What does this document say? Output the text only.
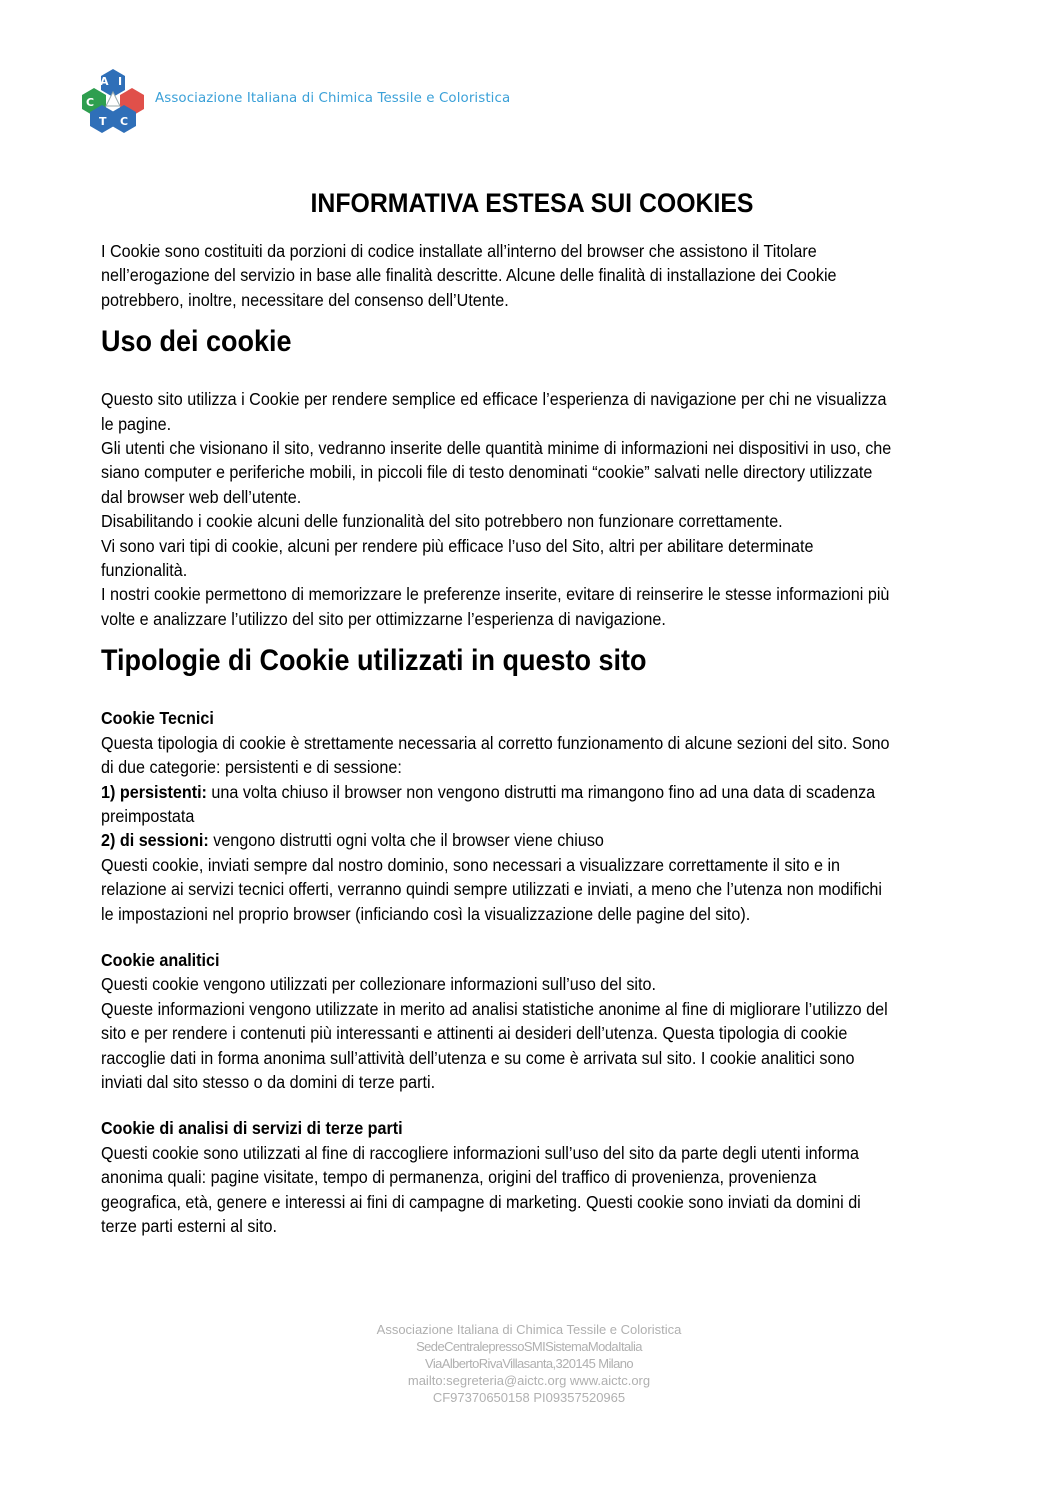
A I
C
T C
Associazione Italiana di Chimica Tessile e Coloristica
INFORMATIVA ESTESA SUI COOKIES

I Cookie sono costituiti da porzioni di codice installate all’interno del browser che assistono il Titolare

nell’erogazione del servizio in base alle finalità descritte. Alcune delle finalità di installazione dei Cookie

potrebbero, inoltre, necessitare del consenso dell’Utente.

Uso dei cookie

Questo sito utilizza i Cookie per rendere semplice ed efficace l’esperienza di navigazione per chi ne visualizza

le pagine.

Gli utenti che visionano il sito, vedranno inserite delle quantità minime di informazioni nei dispositivi in uso, che

siano computer e periferiche mobili, in piccoli file di testo denominati “cookie” salvati nelle directory utilizzate

dal browser web dell’utente.

Disabilitando i cookie alcuni delle funzionalità del sito potrebbero non funzionare correttamente.

Vi sono vari tipi di cookie, alcuni per rendere più efficace l’uso del Sito, altri per abilitare determinate

funzionalità.

I nostri cookie permettono di memorizzare le preferenze inserite, evitare di reinserire le stesse informazioni più

volte e analizzare l’utilizzo del sito per ottimizzarne l’esperienza di navigazione.

Tipologie di Cookie utilizzati in questo sito
Cookie Tecnici

Questa tipologia di cookie è strettamente necessaria al corretto funzionamento di alcune sezioni del sito. Sono

di due categorie: persistenti e di sessione:

1) persistenti: una volta chiuso il browser non vengono distrutti ma rimangono fino ad una data di scadenza

preimpostata

2) di sessioni: vengono distrutti ogni volta che il browser viene chiuso

Questi cookie, inviati sempre dal nostro dominio, sono necessari a visualizzare correttamente il sito e in

relazione ai servizi tecnici offerti, verranno quindi sempre utilizzati e inviati, a meno che l’utenza non modifichi

le impostazioni nel proprio browser (inficiando così la visualizzazione delle pagine del sito).

Cookie analitici

Questi cookie vengono utilizzati per collezionare informazioni sull’uso del sito.

Queste informazioni vengono utilizzate in merito ad analisi statistiche anonime al fine di migliorare l’utilizzo del

sito e per rendere i contenuti più interessanti e attinenti ai desideri dell’utenza. Questa tipologia di cookie

raccoglie dati in forma anonima sull’attività dell’utenza e su come è arrivata sul sito. I cookie analitici sono

inviati dal sito stesso o da domini di terze parti.

Cookie di analisi di servizi di terze parti

Questi cookie sono utilizzati al fine di raccogliere informazioni sull’uso del sito da parte degli utenti informa

anonima quali: pagine visitate, tempo di permanenza, origini del traffico di provenienza, provenienza

geografica, età, genere e interessi ai fini di campagne di marketing. Questi cookie sono inviati da domini di

terze parti esterni al sito.

Associazione Italiana di Chimica Tessile e Coloristica
SedeCentralepressoSMISistemaModaItalia
ViaAlbertoRivaVillasanta,320145 Milano
mailto:segreteria@aictc.org www.aictc.org
CF97370650158 PI09357520965
